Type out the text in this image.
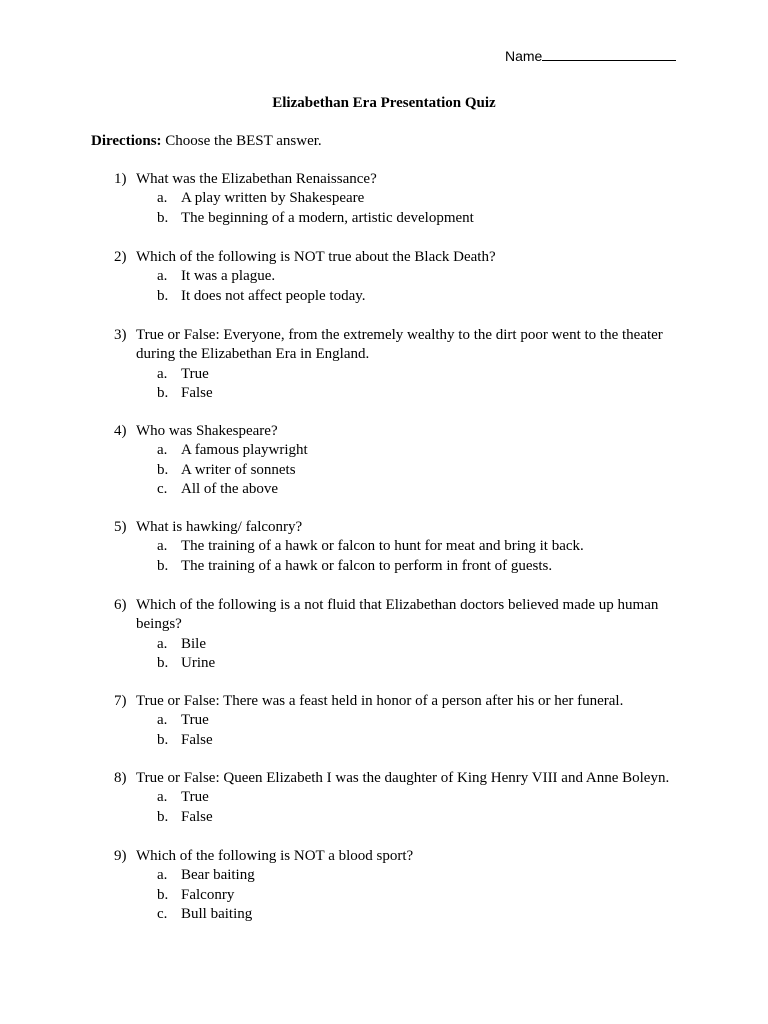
Name
Elizabethan Era Presentation Quiz
Directions: Choose the BEST answer.
1) What was the Elizabethan Renaissance?
a. A play written by Shakespeare
b. The beginning of a modern, artistic development
2) Which of the following is NOT true about the Black Death?
a. It was a plague.
b. It does not affect people today.
3) True or False: Everyone, from the extremely wealthy to the dirt poor went to the theater during the Elizabethan Era in England.
a. True
b. False
4) Who was Shakespeare?
a. A famous playwright
b. A writer of sonnets
c. All of the above
5) What is hawking/ falconry?
a. The training of a hawk or falcon to hunt for meat and bring it back.
b. The training of a hawk or falcon to perform in front of guests.
6) Which of the following is a not fluid that Elizabethan doctors believed made up human beings?
a. Bile
b. Urine
7) True or False: There was a feast held in honor of a person after his or her funeral.
a. True
b. False
8) True or False: Queen Elizabeth I was the daughter of King Henry VIII and Anne Boleyn.
a. True
b. False
9) Which of the following is NOT a blood sport?
a. Bear baiting
b. Falconry
c. Bull baiting
